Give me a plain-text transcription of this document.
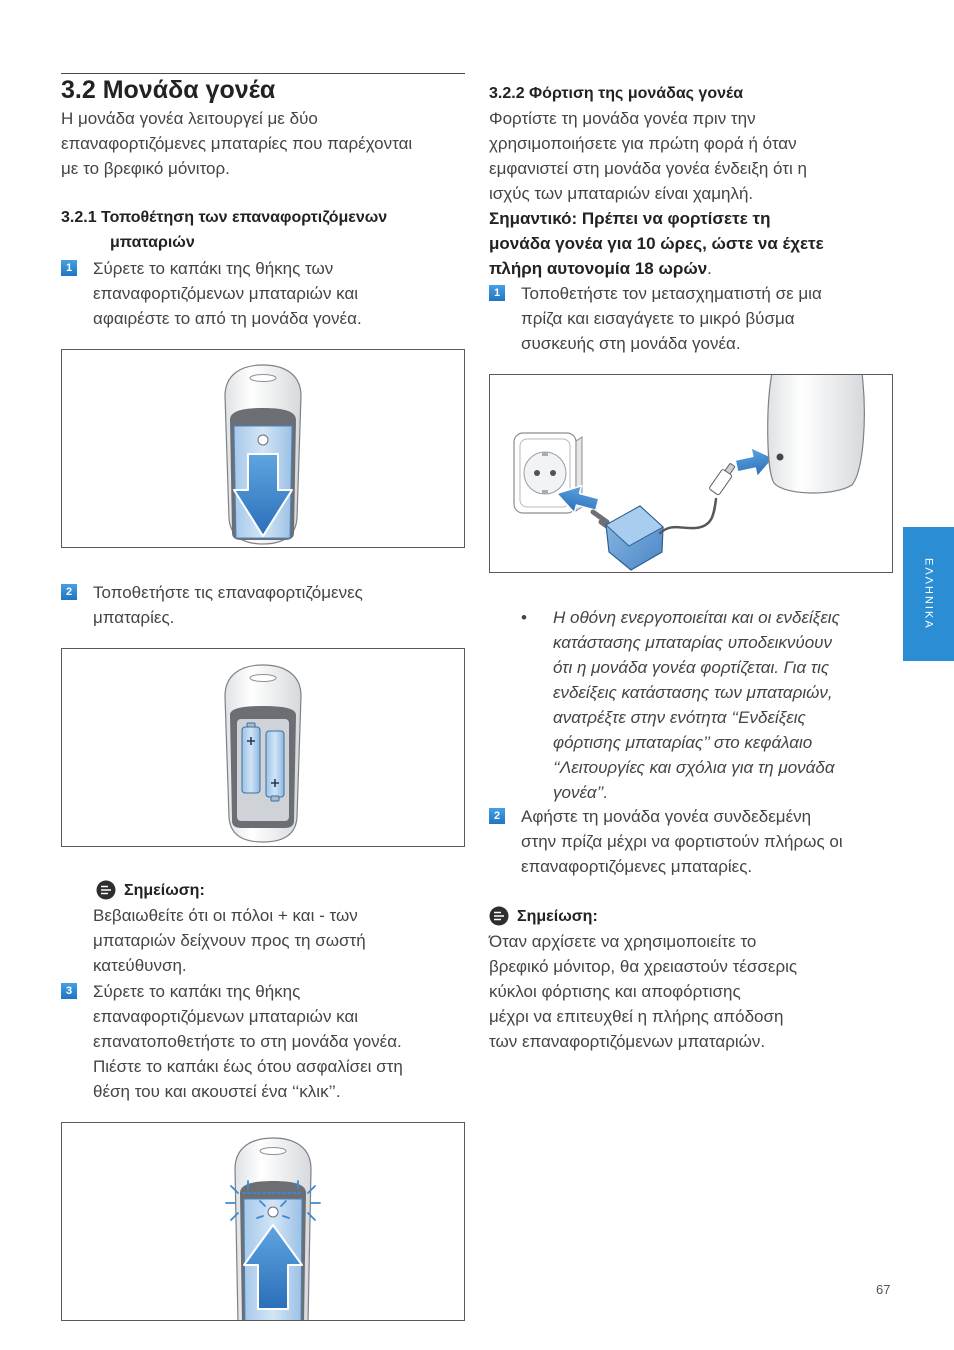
3.2 Μονάδα γονέα
Η μονάδα γονέα λειτουργεί με δύο
επαναφορτιζόμενες μπαταρίες που παρέχονται
με το βρεφικό μόνιτορ.
3.2.1 Τοποθέτηση των επαναφορτιζόμενων
μπαταριών
1 Σύρετε το καπάκι της θήκης των
επαναφορτιζόμενων μπαταριών και
αφαιρέστε το από τη μονάδα γονέα.
2 Τοποθετήστε τις επαναφορτιζόμενες
μπαταρίες.
Σημείωση:
Βεβαιωθείτε ότι οι πόλοι + και - των
μπαταριών δείχνουν προς τη σωστή
κατεύθυνση.
3 Σύρετε το καπάκι της θήκης
επαναφορτιζόμενων μπαταριών και
επανατοποθετήστε το στη μονάδα γονέα.
Πιέστε το καπάκι έως ότου ασφαλίσει στη
θέση του και ακουστεί ένα ‘‘κλικ’’.
3.2.2 Φόρτιση της μονάδας γονέα
Φορτίστε τη μονάδα γονέα πριν την
χρησιμοποιήσετε για πρώτη φορά ή όταν
εμφανιστεί στη μονάδα γονέα ένδειξη ότι η
ισχύς των μπαταριών είναι χαμηλή.
Σημαντικό: Πρέπει να φορτίσετε τη
μονάδα γονέα για 10 ώρες, ώστε να έχετε
πλήρη αυτονομία 18 ωρών.
1 Τοποθετήστε τον μετασχηματιστή σε μια
πρίζα και εισαγάγετε το μικρό βύσμα
συσκευής στη μονάδα γονέα.
• Η οθόνη ενεργοποιείται και οι ενδείξεις
κατάστασης μπαταρίας υποδεικνύουν
ότι η μονάδα γονέα φορτίζεται. Για τις
ενδείξεις κατάστασης των μπαταριών,
ανατρέξτε στην ενότητα ‘‘Ενδείξεις
φόρτισης μπαταρίας’’ στο κεφάλαιο
‘‘Λειτουργίες και σχόλια για τη μονάδα
γονέα’’.
2 Αφήστε τη μονάδα γονέα συνδεδεμένη
στην πρίζα μέχρι να φορτιστούν πλήρως οι
επαναφορτιζόμενες μπαταρίες.
Σημείωση:
Όταν αρχίσετε να χρησιμοποιείτε το
βρεφικό μόνιτορ, θα χρειαστούν τέσσερις
κύκλοι φόρτισης και αποφόρτισης
μέχρι να επιτευχθεί η πλήρης απόδοση
των επαναφορτιζόμενων μπαταριών.
ΕΛΛΗΝΙΚΑ
67
